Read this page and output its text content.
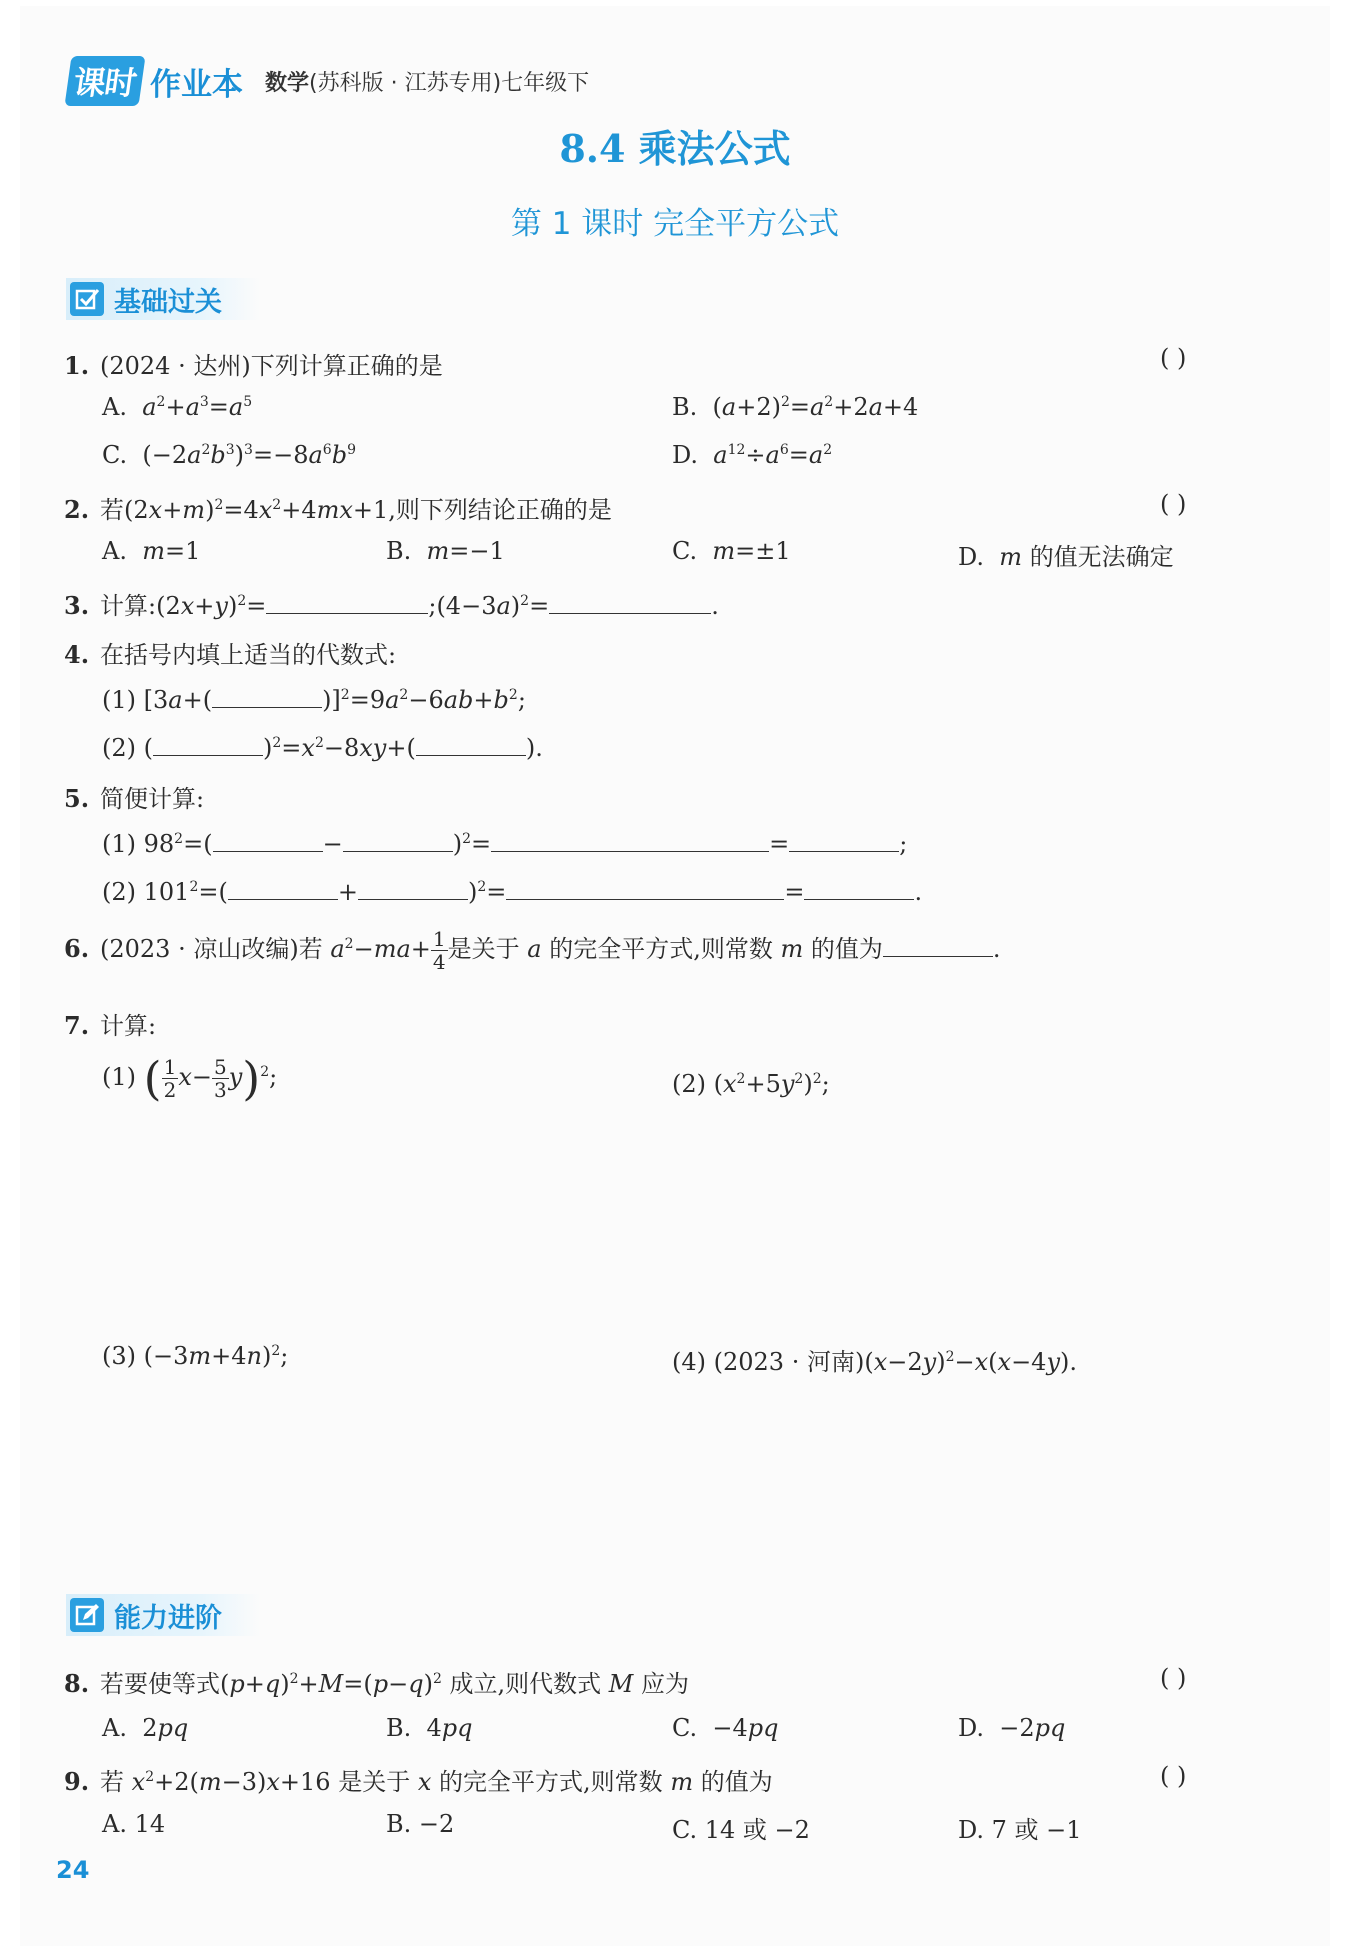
课时 作业本 数学(苏科版 · 江苏专用)七年级下
8.4 乘法公式
第 1 课时 完全平方公式
基础过关
1. (2024 · 达州)下列计算正确的是	( )
A.  $a^2+a^3=a^5$	B.  $(a+2)^2=a^2+2a+4$
C.  $(-2a^2b^3)^3=-8a^6b^9$	D.  $a^{12}\div a^6=a^2$
2. 若$(2x+m)^2=4x^2+4mx+1$,则下列结论正确的是	( )
A. m=1	B. m=−1	C. m=±1	D. m 的值无法确定
3. 计算$:(2x+y)^2=$	$;(4-3a)^2=$	.
4. 在括号内填上适当的代数式:
(1) [3a+(	)]$^2=9a^2-6ab+b^2$;
(2) (	)$^2=x^2-8xy+$(	).
5. 简便计算:
(1) $98^2=$(	−	)$^2$=	=	;
(2) $101^2=$(	+	)$^2$=	=	.
6. (2023 · 凉山改编)若 $a^2-ma+ \frac{1}{4}$ 是关于 a 的完全平方式,则常数 m 的值为	.
7. 计算:
(1) ( $\frac{1}{2} x- \frac{5}{3} y)^2$;	(2) $(x^2+5y^2)^2$;
(3) $(-3m+4n)^2$;	(4) (2023 · 河南)$(x-2y)^2-x(x-4y)$.
能力进阶
8. 若要使等式$(p+q)^2+M=(p-q)^2$ 成立,则代数式 M 应为	( )
A.  2pq	B.  4pq	C.  −4pq	D.  −2pq
9. 若 $x^2+2(m-3)x+16$ 是关于 x 的完全平方式,则常数 m 的值为	( )
A. 14	B. −2	C. 14 或 −2	D. 7 或 −1
24
